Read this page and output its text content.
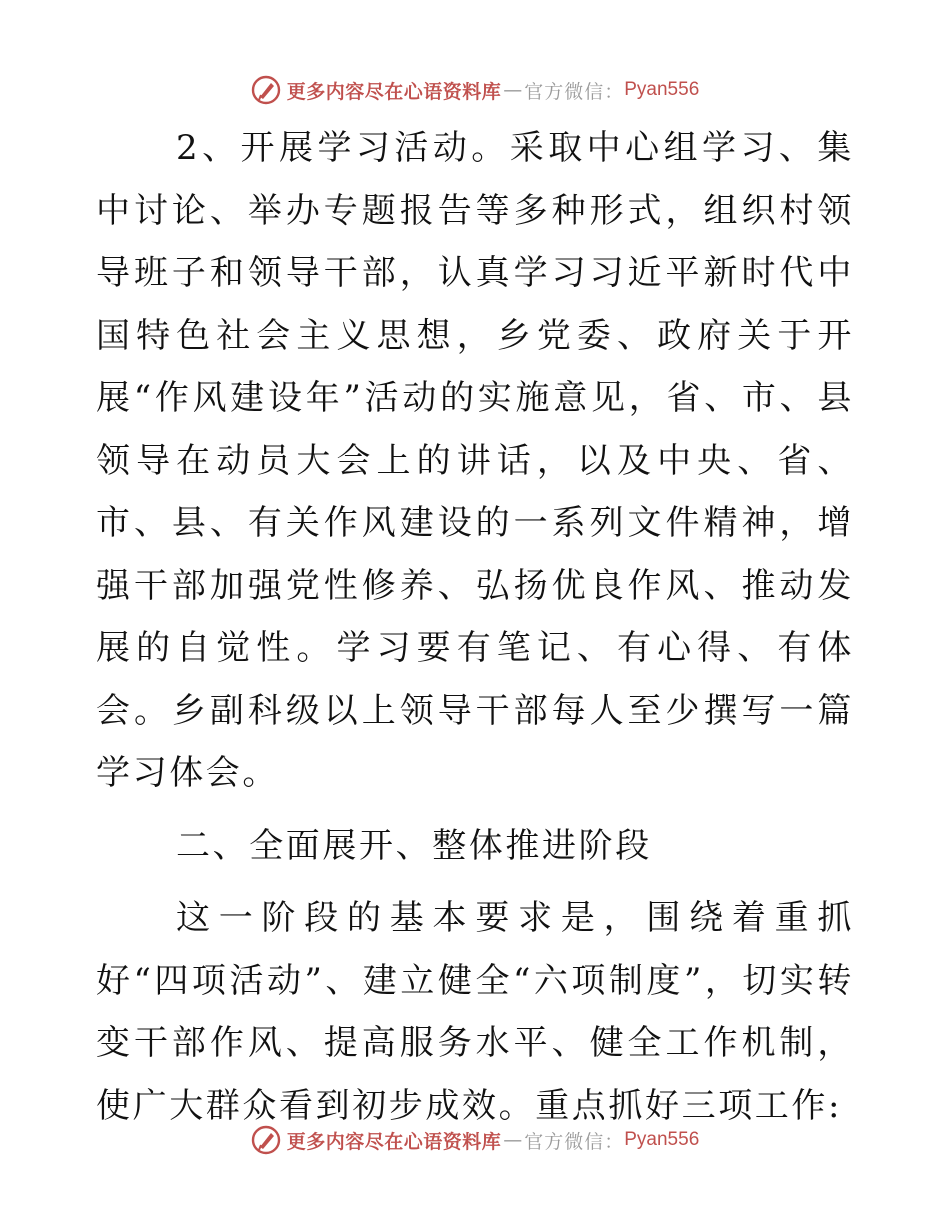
更多内容尽在心语资料库 — 官方微信： Pyan556

2、开展学习活动。采取中心组学习、集中讨论、举办专题报告等多种形式，组织村领导班子和领导干部，认真学习习近平新时代中国特色社会主义思想，乡党委、政府关于开展“作风建设年”活动的实施意见，省、市、县领导在动员大会上的讲话，以及中央、省、市、县、有关作风建设的一系列文件精神，增强干部加强党性修养、弘扬优良作风、推动发展的自觉性。学习要有笔记、有心得、有体会。乡副科级以上领导干部每人至少撰写一篇学习体会。

二、全面展开、整体推进阶段

这一阶段的基本要求是，围绕着重抓好“四项活动”、建立健全“六项制度”，切实转变干部作风、提高服务水平、健全工作机制，使广大群众看到初步成效。重点抓好三项工作:

更多内容尽在心语资料库 — 官方微信： Pyan556
